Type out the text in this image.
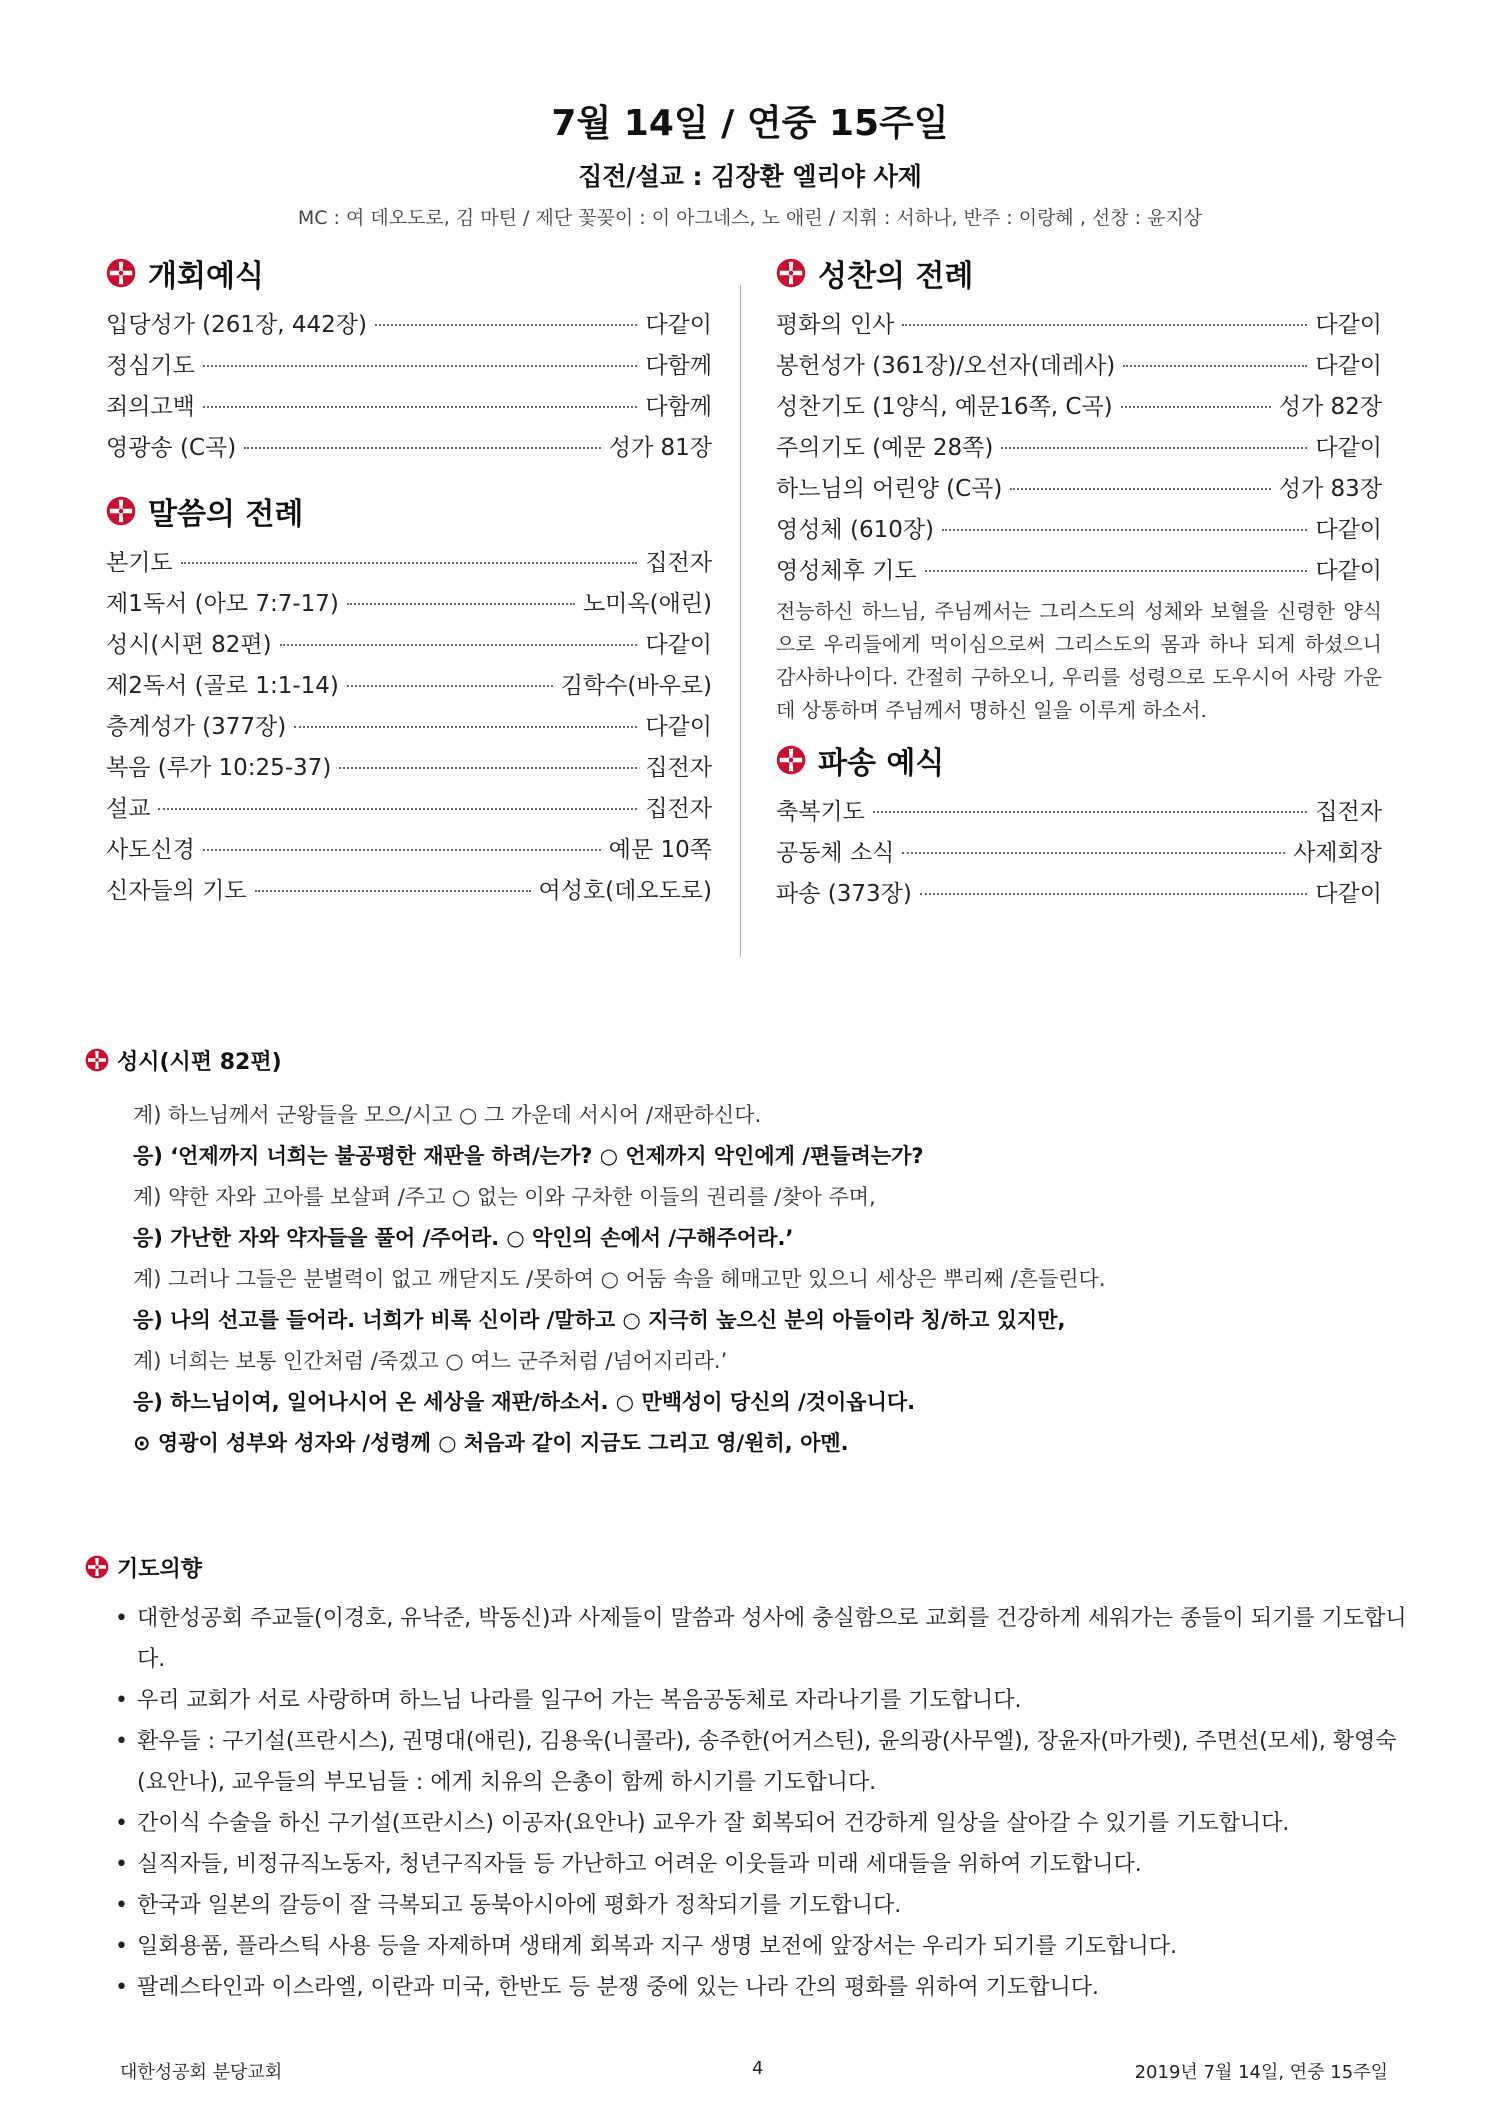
7월 14일 / 연중 15주일
집전/설교 : 김장환 엘리야 사제
MC : 여 데오도로, 김 마틴 / 제단 꽃꽂이 : 이 아그네스, 노 애린 / 지휘 : 서하나, 반주 : 이랑혜 , 선창 : 윤지상
개회예식
입당성가 (261장, 442장)	다같이
정심기도	다함께
죄의고백	다함께
영광송 (C곡)	성가 81장
말씀의 전례
본기도	집전자
제1독서 (아모 7:7-17)	노미옥(애린)
성시(시편 82편)	다같이
제2독서 (골로 1:1-14)	김학수(바우로)
층계성가 (377장)	다같이
복음 (루가 10:25-37)	집전자
설교	집전자
사도신경	예문 10쪽
신자들의 기도	여성호(데오도로)
성찬의 전례
평화의 인사	다같이
봉헌성가 (361장)/오선자(데레사)	다같이
성찬기도 (1양식, 예문16쪽, C곡)	성가 82장
주의기도 (예문 28쪽)	다같이
하느님의 어린양 (C곡)	성가 83장
영성체 (610장)	다같이
영성체후 기도	다같이
전능하신 하느님, 주님께서는 그리스도의 성체와 보혈을 신령한 양식으로 우리들에게 먹이심으로써 그리스도의 몸과 하나 되게 하셨으니 감사하나이다. 간절히 구하오니, 우리를 성령으로 도우시어 사랑 가운데 상통하며 주님께서 명하신 일을 이루게 하소서.
파송 예식
축복기도	집전자
공동체 소식	사제회장
파송 (373장)	다같이
성시(시편 82편)
계) 하느님께서 군왕들을 모으/시고 ○ 그 가운데 서시어 /재판하신다.
응) ‘언제까지 너희는 불공평한 재판을 하려/는가? ○ 언제까지 악인에게 /편들려는가?
계) 약한 자와 고아를 보살펴 /주고 ○ 없는 이와 구차한 이들의 권리를 /찾아 주며,
응) 가난한 자와 약자들을 풀어 /주어라. ○ 악인의 손에서 /구해주어라.’
계) 그러나 그들은 분별력이 없고 깨닫지도 /못하여 ○ 어둠 속을 헤매고만 있으니 세상은 뿌리째 /흔들린다.
응) 나의 선고를 들어라. 너희가 비록 신이라 /말하고 ○ 지극히 높으신 분의 아들이라 칭/하고 있지만,
계) 너희는 보통 인간처럼 /죽겠고 ○ 여느 군주처럼 /넘어지리라.’
응) 하느님이여, 일어나시어 온 세상을 재판/하소서. ○ 만백성이 당신의 /것이옵니다.
⊙ 영광이 성부와 성자와 /성령께 ○ 처음과 같이 지금도 그리고 영/원히, 아멘.
기도의향
• 대한성공회 주교들(이경호, 유낙준, 박동신)과 사제들이 말씀과 성사에 충실함으로 교회를 건강하게 세워가는 종들이 되기를 기도합니다.
• 우리 교회가 서로 사랑하며 하느님 나라를 일구어 가는 복음공동체로 자라나기를 기도합니다.
• 환우들 : 구기설(프란시스), 권명대(애린), 김용욱(니콜라), 송주한(어거스틴), 윤의광(사무엘), 장윤자(마가렛), 주면선(모세), 황영숙(요안나), 교우들의 부모님들 : 에게 치유의 은총이 함께 하시기를 기도합니다.
• 간이식 수술을 하신 구기설(프란시스) 이공자(요안나) 교우가 잘 회복되어 건강하게 일상을 살아갈 수 있기를 기도합니다.
• 실직자들, 비정규직노동자, 청년구직자들 등 가난하고 어려운 이웃들과 미래 세대들을 위하여 기도합니다.
• 한국과 일본의 갈등이 잘 극복되고 동북아시아에 평화가 정착되기를 기도합니다.
• 일회용품, 플라스틱 사용 등을 자제하며 생태계 회복과 지구 생명 보전에 앞장서는 우리가 되기를 기도합니다.
• 팔레스타인과 이스라엘, 이란과 미국, 한반도 등 분쟁 중에 있는 나라 간의 평화를 위하여 기도합니다.
대한성공회 분당교회	4	2019년 7월 14일, 연중 15주일
